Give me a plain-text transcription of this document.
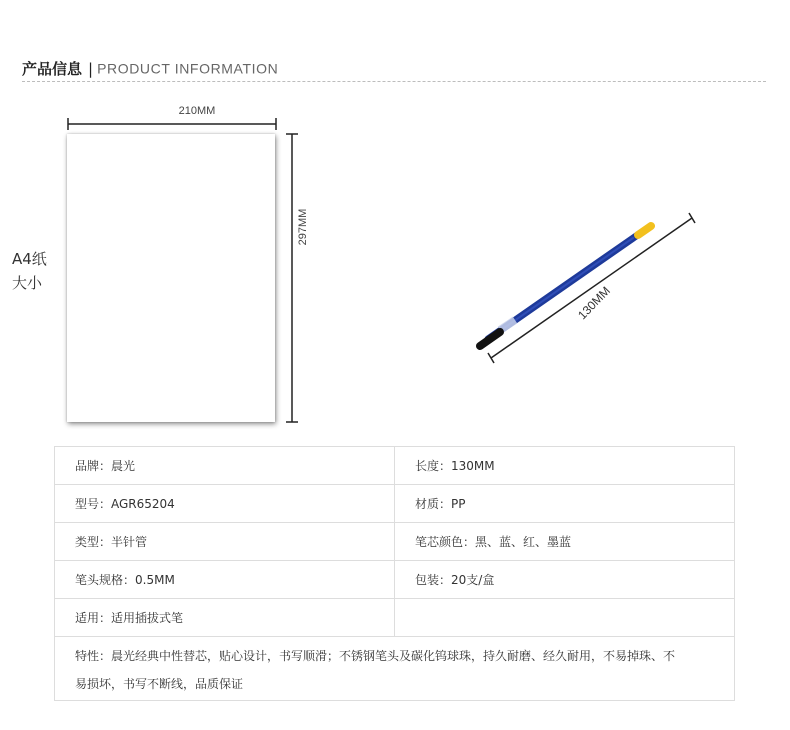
产品信息 | PRODUCT INFORMATION
210MM
297MM
A4纸
大小
130MM
品牌：晨光	长度：130MM
型号：AGR65204	材质：PP
类型：半针管	笔芯颜色：黑、蓝、红、墨蓝
笔头规格：0.5MM	包装：20支/盒
适用：适用插拔式笔	
特性：晨光经典中性替芯，贴心设计，书写顺滑；不锈钢笔头及碳化钨球珠，持久耐磨、经久耐用，不易掉珠、不易损坏，书写不断线，品质保证	
